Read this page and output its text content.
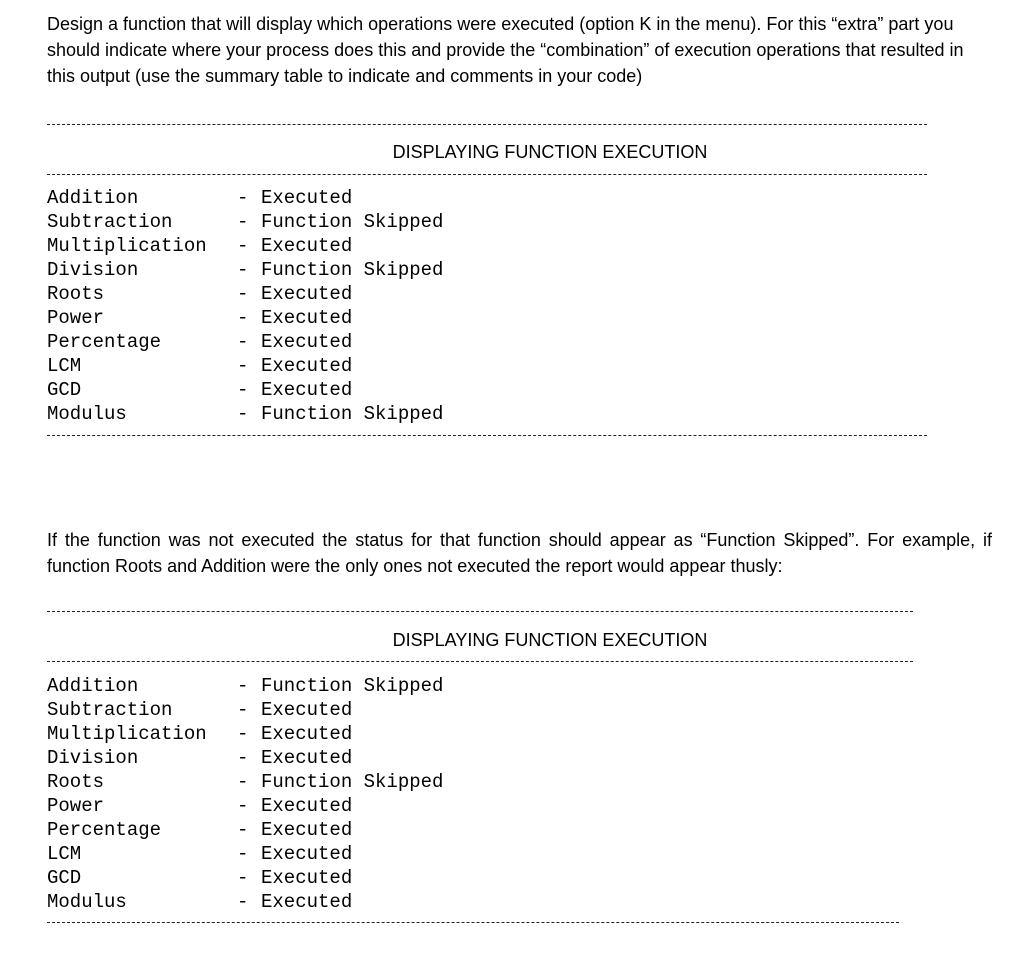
Design a function that will display which operations were executed (option K in the menu). For this “extra” part you should indicate where your process does this and provide the “combination” of execution operations that resulted in this output (use the summary table to indicate and comments in your code)

DISPLAYING FUNCTION EXECUTION

Addition	- Executed
Subtraction	- Function Skipped
Multiplication	- Executed
Division	- Function Skipped
Roots	- Executed
Power	- Executed
Percentage	- Executed
LCM	- Executed
GCD	- Executed
Modulus	- Function Skipped

If the function was not executed the status for that function should appear as “Function Skipped”. For example, if function Roots and Addition were the only ones not executed the report would appear thusly:

DISPLAYING FUNCTION EXECUTION

Addition	- Function Skipped
Subtraction	- Executed
Multiplication	- Executed
Division	- Executed
Roots	- Function Skipped
Power	- Executed
Percentage	- Executed
LCM	- Executed
GCD	- Executed
Modulus	- Executed
